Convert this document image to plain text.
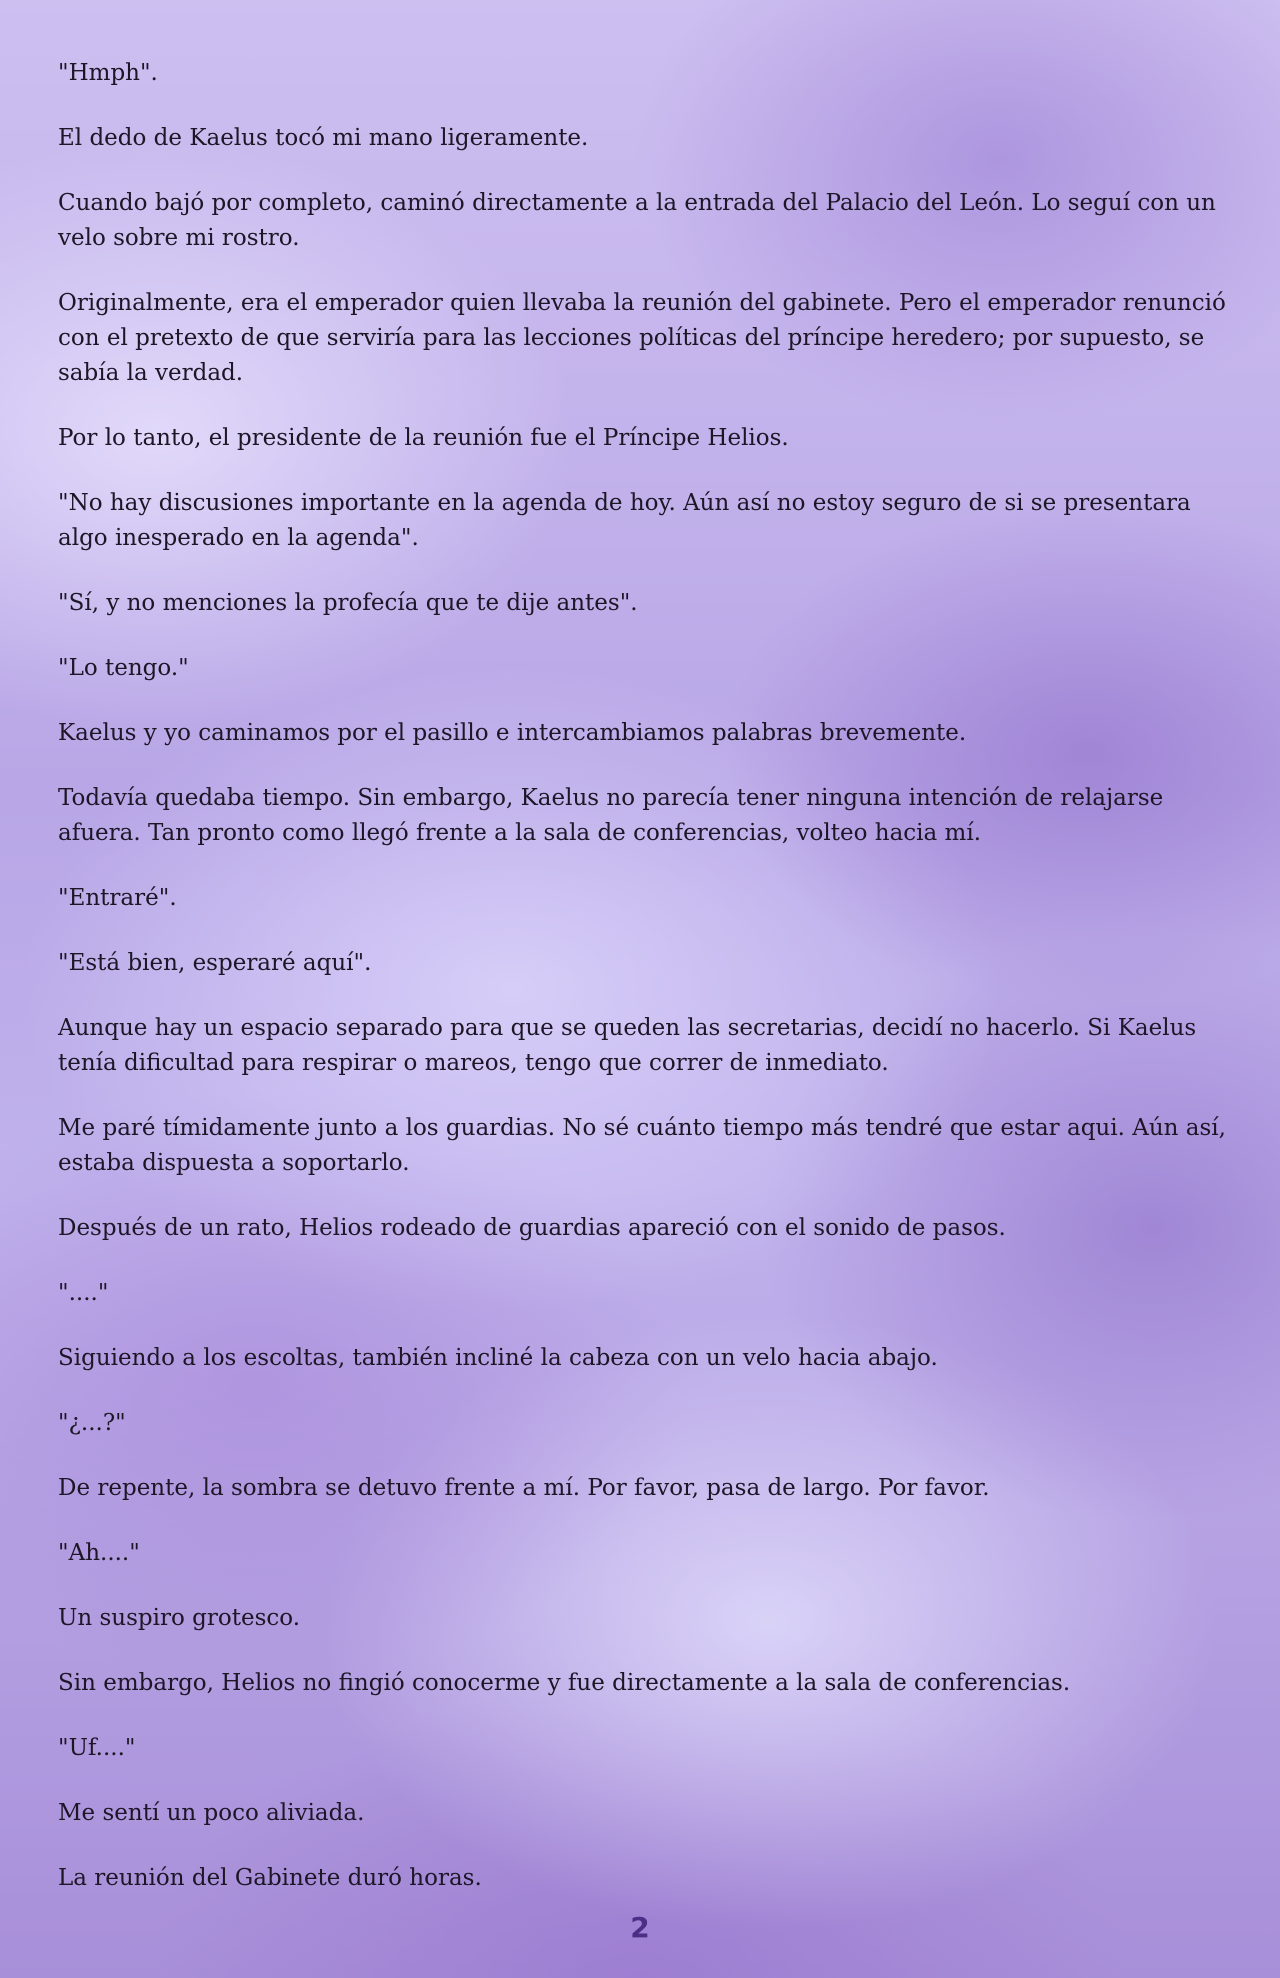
"Hmph".

El dedo de Kaelus tocó mi mano ligeramente.

Cuando bajó por completo, caminó directamente a la entrada del Palacio del León. Lo seguí con un velo sobre mi rostro.

Originalmente, era el emperador quien llevaba la reunión del gabinete. Pero el emperador renunció con el pretexto de que serviría para las lecciones políticas del príncipe heredero; por supuesto, se sabía la verdad.

Por lo tanto, el presidente de la reunión fue el Príncipe Helios.

"No hay discusiones importante en la agenda de hoy. Aún así no estoy seguro de si se presentara algo inesperado en la agenda".

"Sí, y no menciones la profecía que te dije antes".

"Lo tengo."

Kaelus y yo caminamos por el pasillo e intercambiamos palabras brevemente.

Todavía quedaba tiempo. Sin embargo, Kaelus no parecía tener ninguna intención de relajarse afuera. Tan pronto como llegó frente a la sala de conferencias, volteo hacia mí.

"Entraré".

"Está bien, esperaré aquí".

Aunque hay un espacio separado para que se queden las secretarias, decidí no hacerlo. Si Kaelus tenía dificultad para respirar o mareos, tengo que correr de inmediato.

Me paré tímidamente junto a los guardias. No sé cuánto tiempo más tendré que estar aqui. Aún así, estaba dispuesta a soportarlo.

Después de un rato, Helios rodeado de guardias apareció con el sonido de pasos.

"...."

Siguiendo a los escoltas, también incliné la cabeza con un velo hacia abajo.

"¿...?"

De repente, la sombra se detuvo frente a mí. Por favor, pasa de largo. Por favor.

"Ah...."

Un suspiro grotesco.

Sin embargo, Helios no fingió conocerme y fue directamente a la sala de conferencias.

"Uf...."

Me sentí un poco aliviada.

La reunión del Gabinete duró horas.

2
